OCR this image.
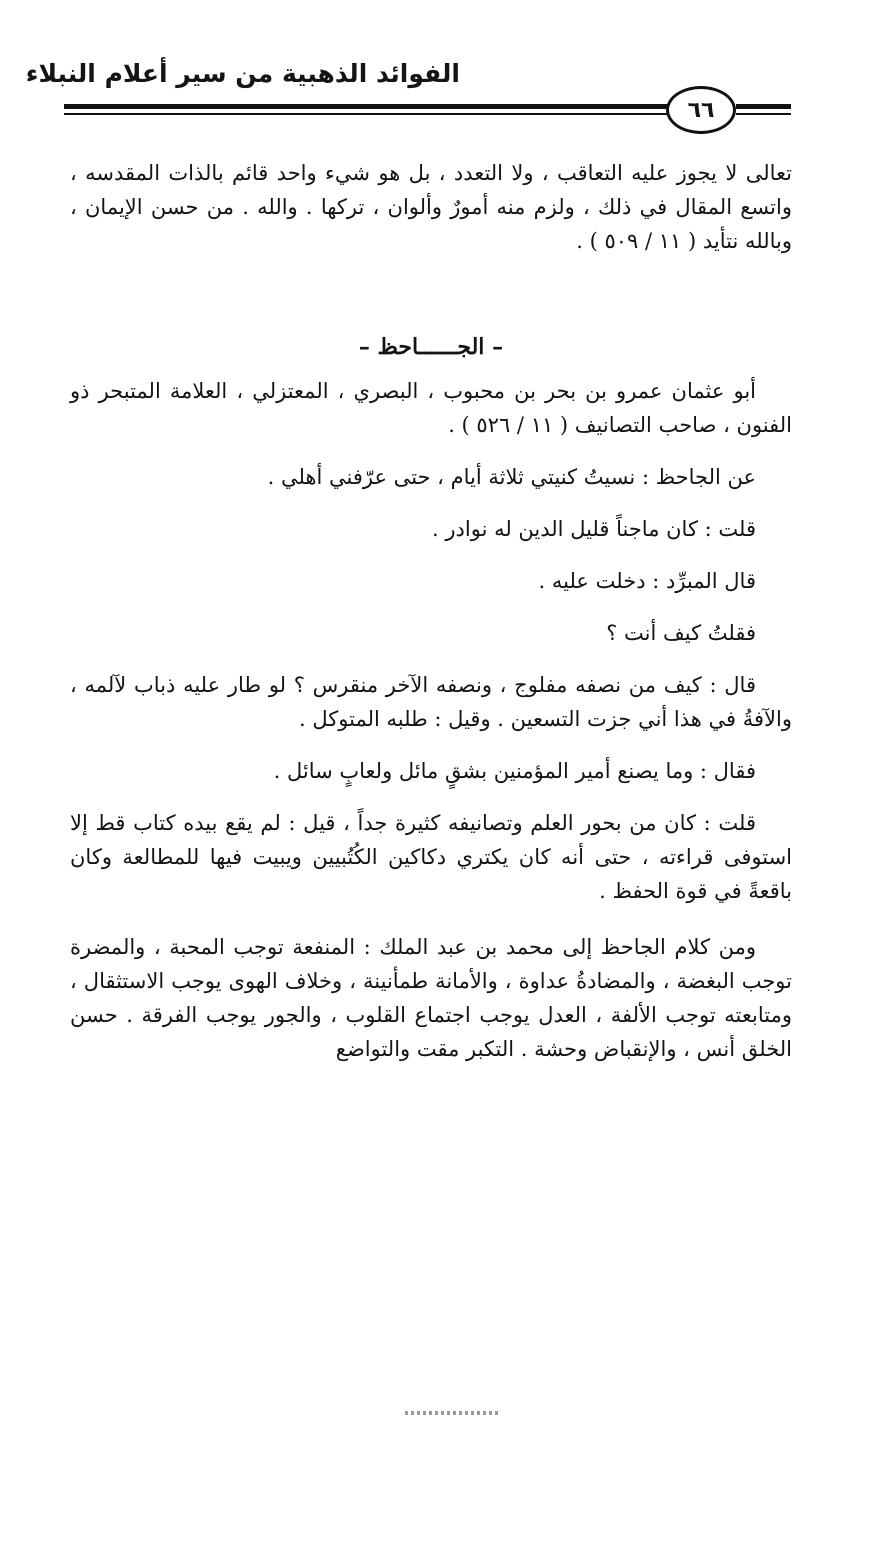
الفوائد الذهبية من سير أعلام النبلاء
٦٦

تعالى لا يجوز عليه التعاقب ، ولا التعدد ، بل هو شيء واحد قائم بالذات المقدسه ، واتسع المقال في ذلك ، ولزم منه أمورٌ وألوان ، تركها . والله . من حسن الإيمان ، وبالله نتأيد ( ١١ / ٥٠٩ ) .

– الجــــــاحظ –

أبو عثمان عمرو بن بحر بن محبوب ، البصري ، المعتزلي ، العلامة المتبحر ذو الفنون ، صاحب التصانيف ( ١١ / ٥٢٦ ) .

عن الجاحظ : نسيتُ كنيتي ثلاثة أيام ، حتى عرّفني أهلي .

قلت : كان ماجناً قليل الدين له نوادر .

قال المبرِّد : دخلت عليه .

فقلتُ كيف أنت ؟

قال : كيف من نصفه مفلوج ، ونصفه الآخر منقرس ؟ لو طار عليه ذباب لآلمه ، والآفةُ في هذا أني جزت التسعين . وقيل : طلبه المتوكل .

فقال : وما يصنع أمير المؤمنين بشقٍ مائل ولعابٍ سائل .

قلت : كان من بحور العلم وتصانيفه كثيرة جداً ، قيل : لم يقع بيده كتاب قط إلا استوفى قراءته ، حتى أنه كان يكتري دكاكين الكُتُبيين ويبيت فيها للمطالعة وكان باقعةً في قوة الحفظ .

ومن كلام الجاحظ إلى محمد بن عبد الملك : المنفعة توجب المحبة ، والمضرة توجب البغضة ، والمضادةُ عداوة ، والأمانة طمأنينة ، وخلاف الهوى يوجب الاستثقال ، ومتابعته توجب الألفة ، العدل يوجب اجتماع القلوب ، والجور يوجب الفرقة . حسن الخلق أنس ، والإنقباض وحشة . التكبر مقت والتواضع
